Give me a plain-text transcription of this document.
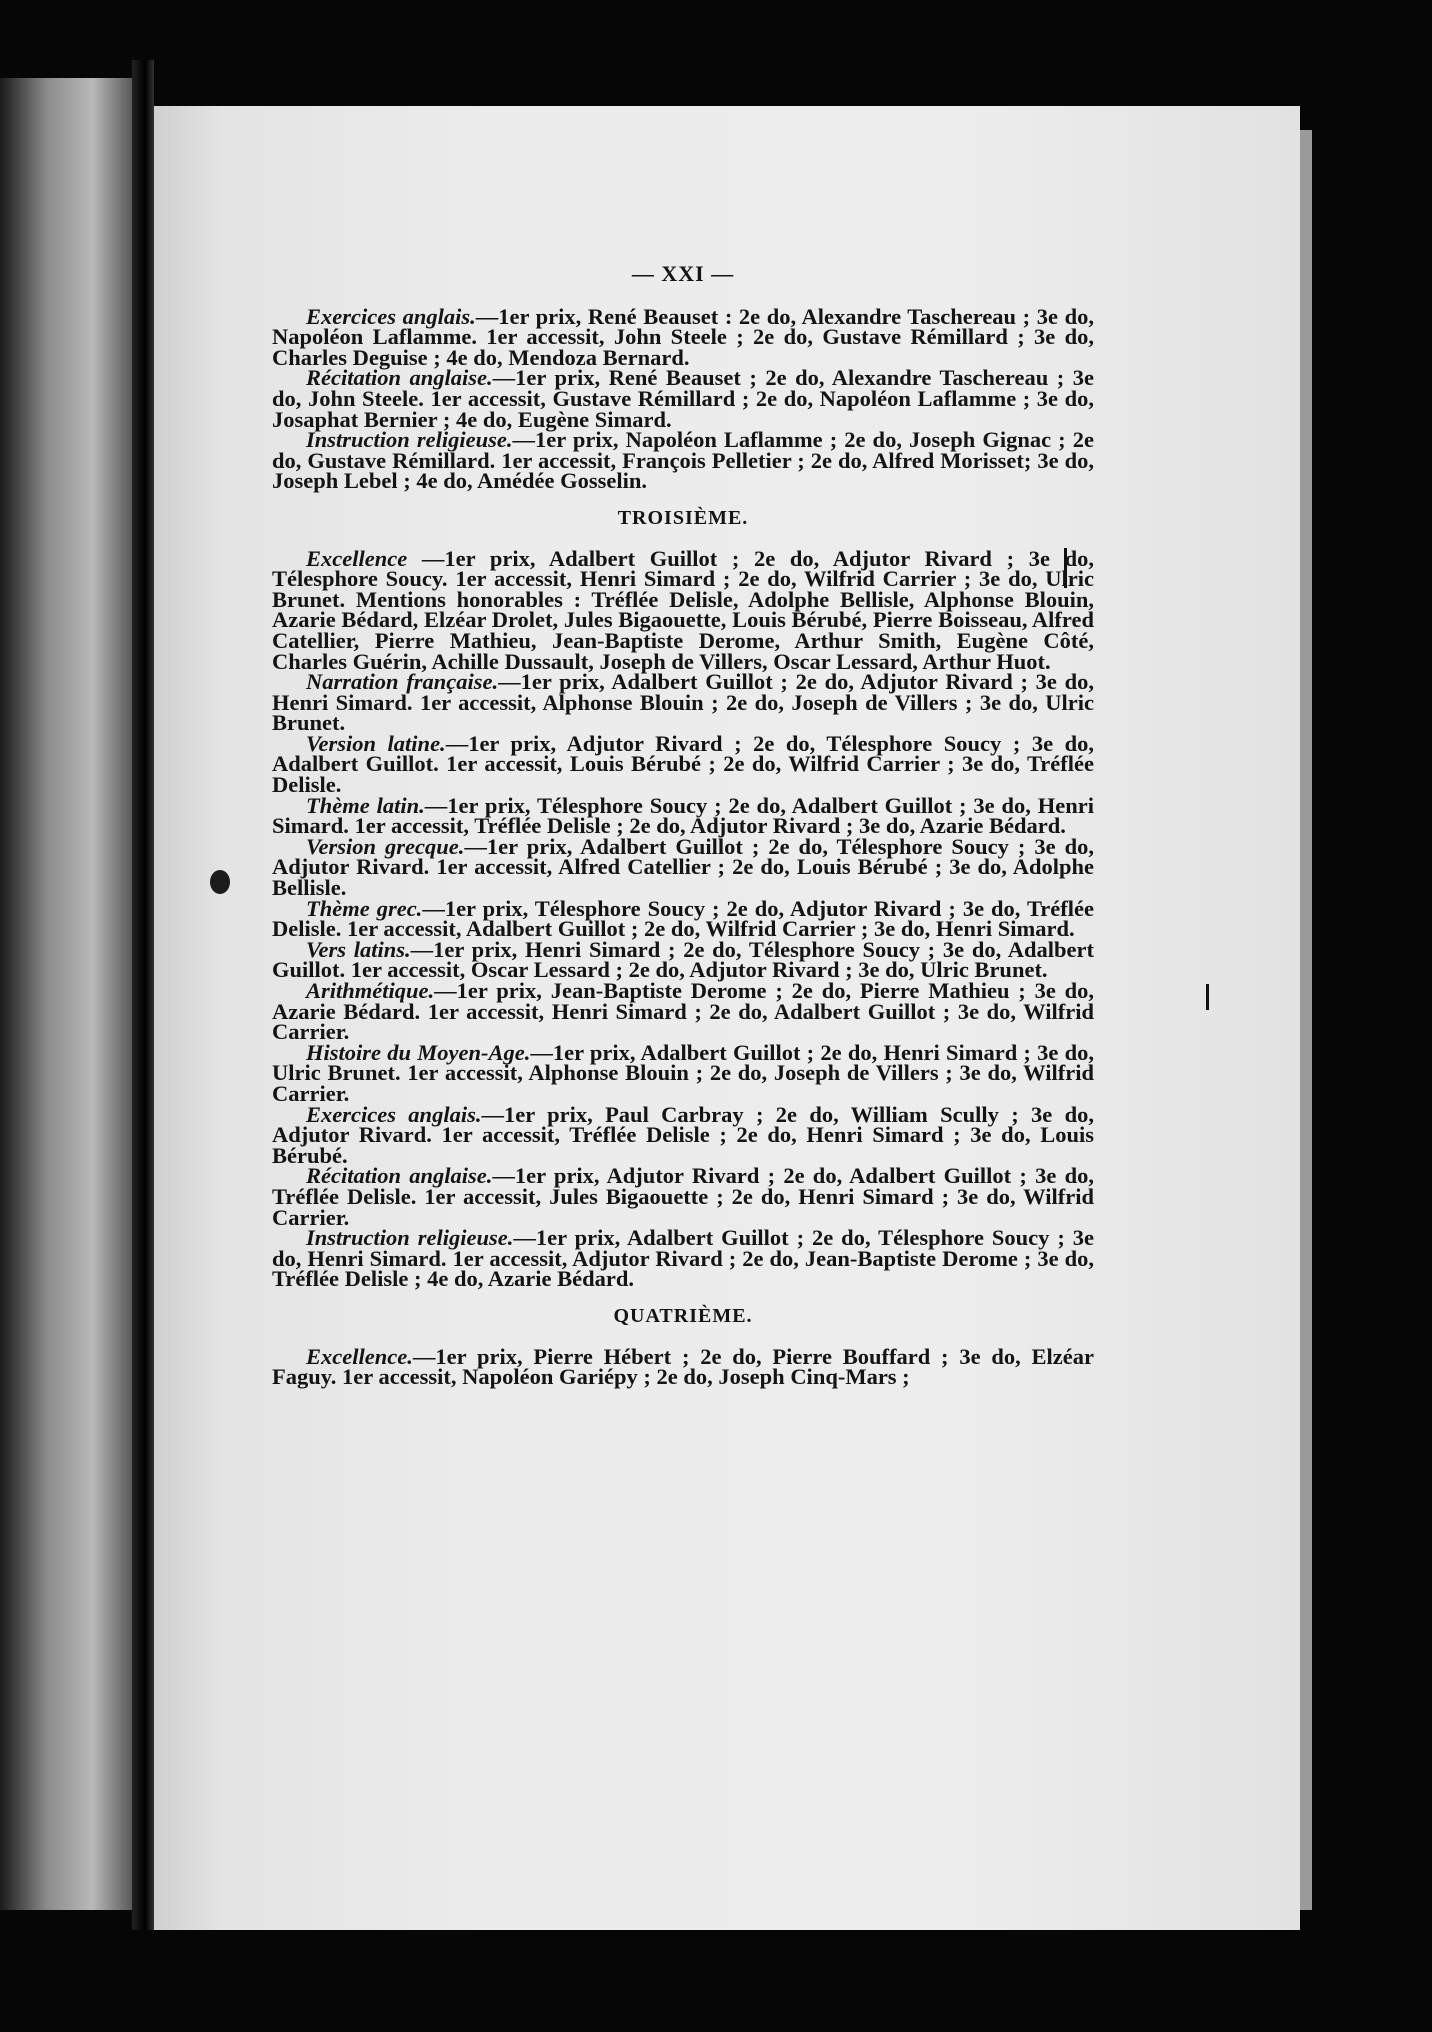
— XXI —

Exercices anglais.—1er prix, René Beauset : 2e do, Alexandre Taschereau ; 3e do, Napoléon Laflamme. 1er accessit, John Steele ; 2e do, Gustave Rémillard ; 3e do, Charles Deguise ; 4e do, Mendoza Bernard.

Récitation anglaise.—1er prix, René Beauset ; 2e do, Alexandre Taschereau ; 3e do, John Steele. 1er accessit, Gustave Rémillard ; 2e do, Napoléon Laflamme ; 3e do, Josaphat Bernier ; 4e do, Eugène Simard.

Instruction religieuse.—1er prix, Napoléon Laflamme ; 2e do, Joseph Gignac ; 2e do, Gustave Rémillard. 1er accessit, François Pelletier ; 2e do, Alfred Morisset; 3e do, Joseph Lebel ; 4e do, Amédée Gosselin.

TROISIÈME.

Excellence —1er prix, Adalbert Guillot ; 2e do, Adjutor Rivard ; 3e do, Télesphore Soucy. 1er accessit, Henri Simard ; 2e do, Wilfrid Carrier ; 3e do, Ulric Brunet. Mentions honorables : Tréflée Delisle, Adolphe Bellisle, Alphonse Blouin, Azarie Bédard, Elzéar Drolet, Jules Bigaouette, Louis Bérubé, Pierre Boisseau, Alfred Catellier, Pierre Mathieu, Jean-Baptiste Derome, Arthur Smith, Eugène Côté, Charles Guérin, Achille Dussault, Joseph de Villers, Oscar Lessard, Arthur Huot.

Narration française.—1er prix, Adalbert Guillot ; 2e do, Adjutor Rivard ; 3e do, Henri Simard. 1er accessit, Alphonse Blouin ; 2e do, Joseph de Villers ; 3e do, Ulric Brunet.

Version latine.—1er prix, Adjutor Rivard ; 2e do, Télesphore Soucy ; 3e do, Adalbert Guillot. 1er accessit, Louis Bérubé ; 2e do, Wilfrid Carrier ; 3e do, Tréflée Delisle.

Thème latin.—1er prix, Télesphore Soucy ; 2e do, Adalbert Guillot ; 3e do, Henri Simard. 1er accessit, Tréflée Delisle ; 2e do, Adjutor Rivard ; 3e do, Azarie Bédard.

Version grecque.—1er prix, Adalbert Guillot ; 2e do, Télesphore Soucy ; 3e do, Adjutor Rivard. 1er accessit, Alfred Catellier ; 2e do, Louis Bérubé ; 3e do, Adolphe Bellisle.

Thème grec.—1er prix, Télesphore Soucy ; 2e do, Adjutor Rivard ; 3e do, Tréflée Delisle. 1er accessit, Adalbert Guillot ; 2e do, Wilfrid Carrier ; 3e do, Henri Simard.

Vers latins.—1er prix, Henri Simard ; 2e do, Télesphore Soucy ; 3e do, Adalbert Guillot. 1er accessit, Oscar Lessard ; 2e do, Adjutor Rivard ; 3e do, Ulric Brunet.

Arithmétique.—1er prix, Jean-Baptiste Derome ; 2e do, Pierre Mathieu ; 3e do, Azarie Bédard. 1er accessit, Henri Simard ; 2e do, Adalbert Guillot ; 3e do, Wilfrid Carrier.

Histoire du Moyen-Age.—1er prix, Adalbert Guillot ; 2e do, Henri Simard ; 3e do, Ulric Brunet. 1er accessit, Alphonse Blouin ; 2e do, Joseph de Villers ; 3e do, Wilfrid Carrier.

Exercices anglais.—1er prix, Paul Carbray ; 2e do, William Scully ; 3e do, Adjutor Rivard. 1er accessit, Tréflée Delisle ; 2e do, Henri Simard ; 3e do, Louis Bérubé.

Récitation anglaise.—1er prix, Adjutor Rivard ; 2e do, Adalbert Guillot ; 3e do, Tréflée Delisle. 1er accessit, Jules Bigaouette ; 2e do, Henri Simard ; 3e do, Wilfrid Carrier.

Instruction religieuse.—1er prix, Adalbert Guillot ; 2e do, Télesphore Soucy ; 3e do, Henri Simard. 1er accessit, Adjutor Rivard ; 2e do, Jean-Baptiste Derome ; 3e do, Tréflée Delisle ; 4e do, Azarie Bédard.

QUATRIÈME.

Excellence.—1er prix, Pierre Hébert ; 2e do, Pierre Bouffard ; 3e do, Elzéar Faguy. 1er accessit, Napoléon Gariépy ; 2e do, Joseph Cinq-Mars ;
